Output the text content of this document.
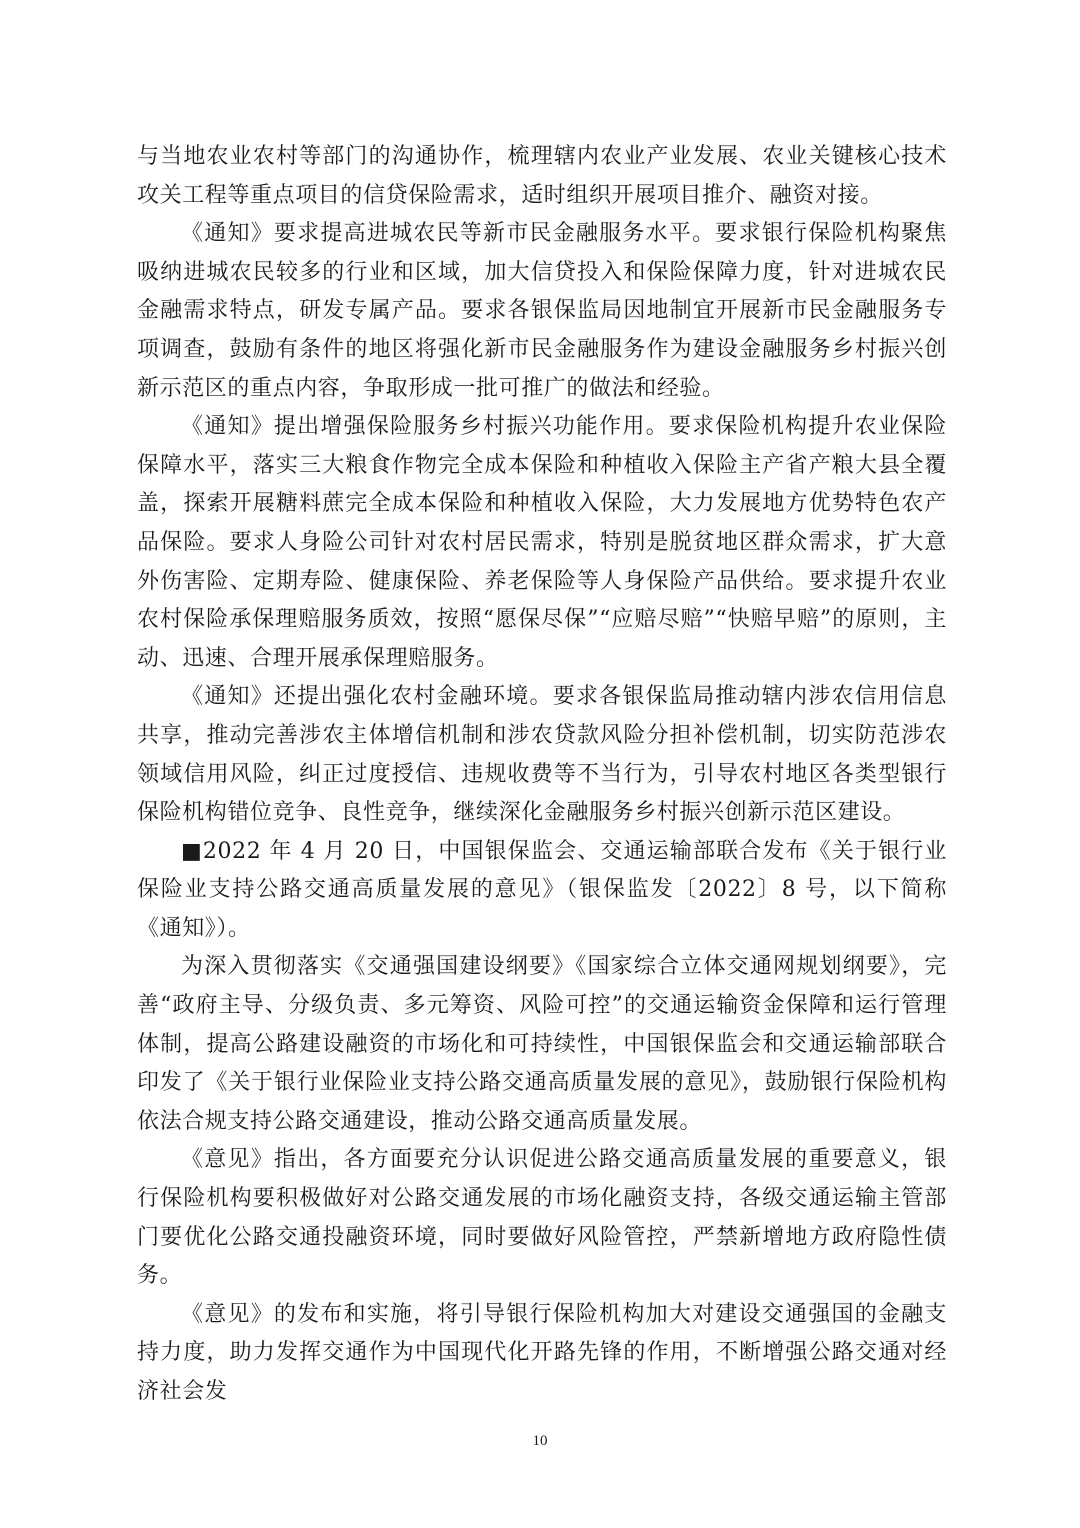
与当地农业农村等部门的沟通协作，梳理辖内农业产业发展、农业关键核心技术攻关工程等重点项目的信贷保险需求，适时组织开展项目推介、融资对接。

《通知》要求提高进城农民等新市民金融服务水平。要求银行保险机构聚焦吸纳进城农民较多的行业和区域，加大信贷投入和保险保障力度，针对进城农民金融需求特点，研发专属产品。要求各银保监局因地制宜开展新市民金融服务专项调查，鼓励有条件的地区将强化新市民金融服务作为建设金融服务乡村振兴创新示范区的重点内容，争取形成一批可推广的做法和经验。

《通知》提出增强保险服务乡村振兴功能作用。要求保险机构提升农业保险保障水平，落实三大粮食作物完全成本保险和种植收入保险主产省产粮大县全覆盖，探索开展糖料蔗完全成本保险和种植收入保险，大力发展地方优势特色农产品保险。要求人身险公司针对农村居民需求，特别是脱贫地区群众需求，扩大意外伤害险、定期寿险、健康保险、养老保险等人身保险产品供给。要求提升农业农村保险承保理赔服务质效，按照“愿保尽保”“应赔尽赔”“快赔早赔”的原则，主动、迅速、合理开展承保理赔服务。

《通知》还提出强化农村金融环境。要求各银保监局推动辖内涉农信用信息共享，推动完善涉农主体增信机制和涉农贷款风险分担补偿机制，切实防范涉农领域信用风险，纠正过度授信、违规收费等不当行为，引导农村地区各类型银行保险机构错位竞争、良性竞争，继续深化金融服务乡村振兴创新示范区建设。

■2022 年 4 月 20 日，中国银保监会、交通运输部联合发布《关于银行业保险业支持公路交通高质量发展的意见》（银保监发〔2022〕8 号，以下简称《通知》）。

为深入贯彻落实《交通强国建设纲要》《国家综合立体交通网规划纲要》，完善“政府主导、分级负责、多元筹资、风险可控”的交通运输资金保障和运行管理体制，提高公路建设融资的市场化和可持续性，中国银保监会和交通运输部联合印发了《关于银行业保险业支持公路交通高质量发展的意见》，鼓励银行保险机构依法合规支持公路交通建设，推动公路交通高质量发展。

《意见》指出，各方面要充分认识促进公路交通高质量发展的重要意义，银行保险机构要积极做好对公路交通发展的市场化融资支持，各级交通运输主管部门要优化公路交通投融资环境，同时要做好风险管控，严禁新增地方政府隐性债务。

《意见》的发布和实施，将引导银行保险机构加大对建设交通强国的金融支持力度，助力发挥交通作为中国现代化开路先锋的作用，不断增强公路交通对经济社会发

10
